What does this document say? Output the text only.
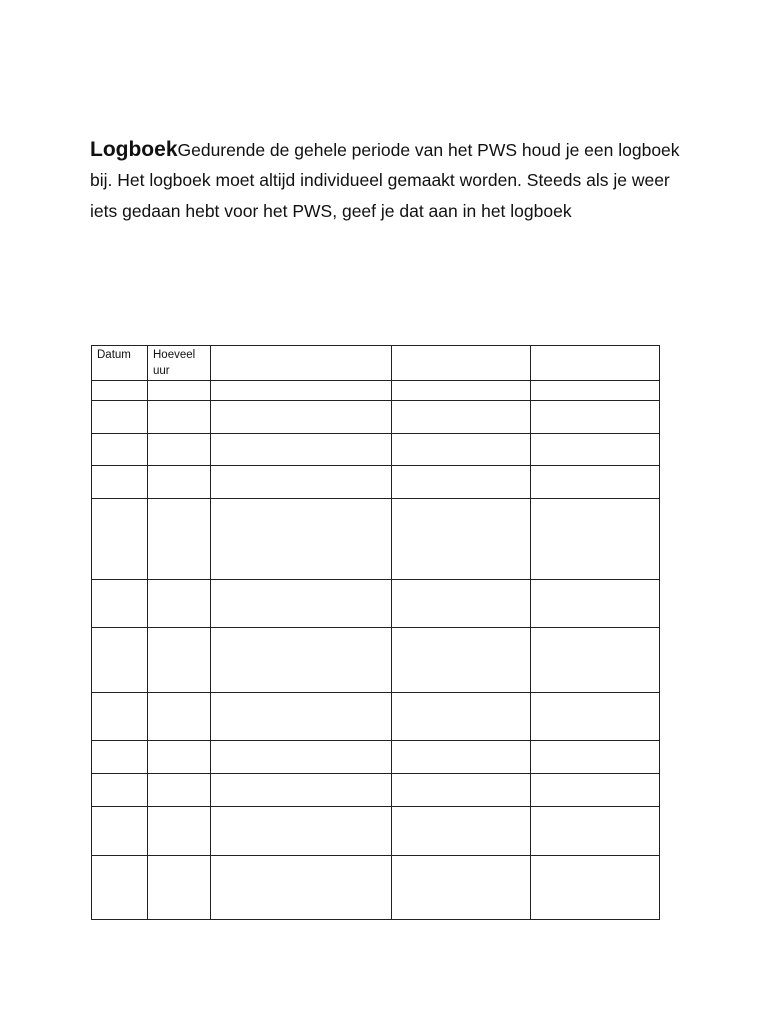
LogboekGedurende de gehele periode van het PWS houd je een logboek bij. Het logboek moet altijd individueel gemaakt worden. Steeds als je weer iets gedaan hebt voor het PWS, geef je dat aan in het logboek

Datum	Hoeveel uur			
